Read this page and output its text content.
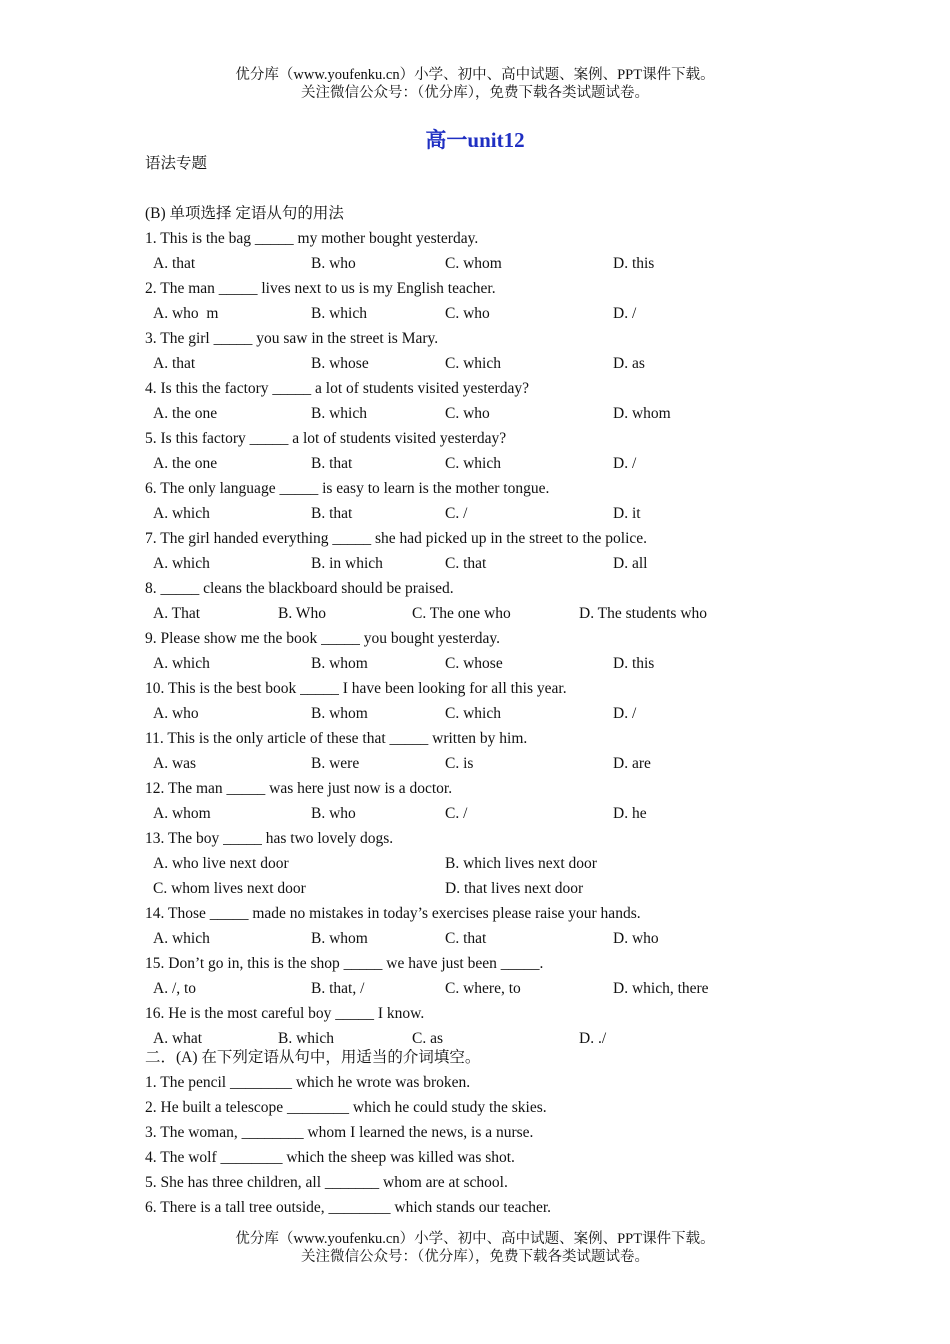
优分库（www.youfenku.cn）小学、初中、高中试题、案例、PPT课件下载。
关注微信公众号：（优分库），免费下载各类试题试卷。
高一unit12
语法专题
(B) 单项选择 定语从句的用法
1. This is the bag _____ my mother bought yesterday.
A. that	B. who	C. whom	D. this
2. The man _____ lives next to us is my English teacher.
A. who  m	B. which	C. who	D. /
3. The girl _____ you saw in the street is Mary.
A. that	B. whose	C. which	D. as
4. Is this the factory _____ a lot of students visited yesterday?
A. the one	B. which	C. who	D. whom
5. Is this factory _____ a lot of students visited yesterday?
A. the one	B. that	C. which	D. /
6. The only language _____ is easy to learn is the mother tongue.
A. which	B. that	C. /	D. it
7. The girl handed everything _____ she had picked up in the street to the police.
A. which	B. in which	C. that	D. all
8. _____ cleans the blackboard should be praised.
A. That	B. Who	C. The one who	D. The students who
9. Please show me the book _____ you bought yesterday.
A. which	B. whom	C. whose	D. this
10. This is the best book _____ I have been looking for all this year.
A. who	B. whom	C. which	D. /
11. This is the only article of these that _____ written by him.
A. was	B. were	C. is	D. are
12. The man _____ was here just now is a doctor.
A. whom	B. who	C. /	D. he
13. The boy _____ has two lovely dogs.
A. who live next door	B. which lives next door
C. whom lives next door	D. that lives next door
14. Those _____ made no mistakes in today’s exercises please raise your hands.
A. which	B. whom	C. that	D. who
15. Don’t go in, this is the shop _____ we have just been _____.
A. /, to	B. that, /	C. where, to	D. which, there
16. He is the most careful boy _____ I know.
A. what	B. which	C. as	D. ./
二．(A) 在下列定语从句中，用适当的介词填空。
1. The pencil ________ which he wrote was broken.
2. He built a telescope ________ which he could study the skies.
3. The woman, ________ whom I learned the news, is a nurse.
4. The wolf ________ which the sheep was killed was shot.
5. She has three children, all _______ whom are at school.
6. There is a tall tree outside, ________ which stands our teacher.
优分库（www.youfenku.cn）小学、初中、高中试题、案例、PPT课件下载。
关注微信公众号：（优分库），免费下载各类试题试卷。
